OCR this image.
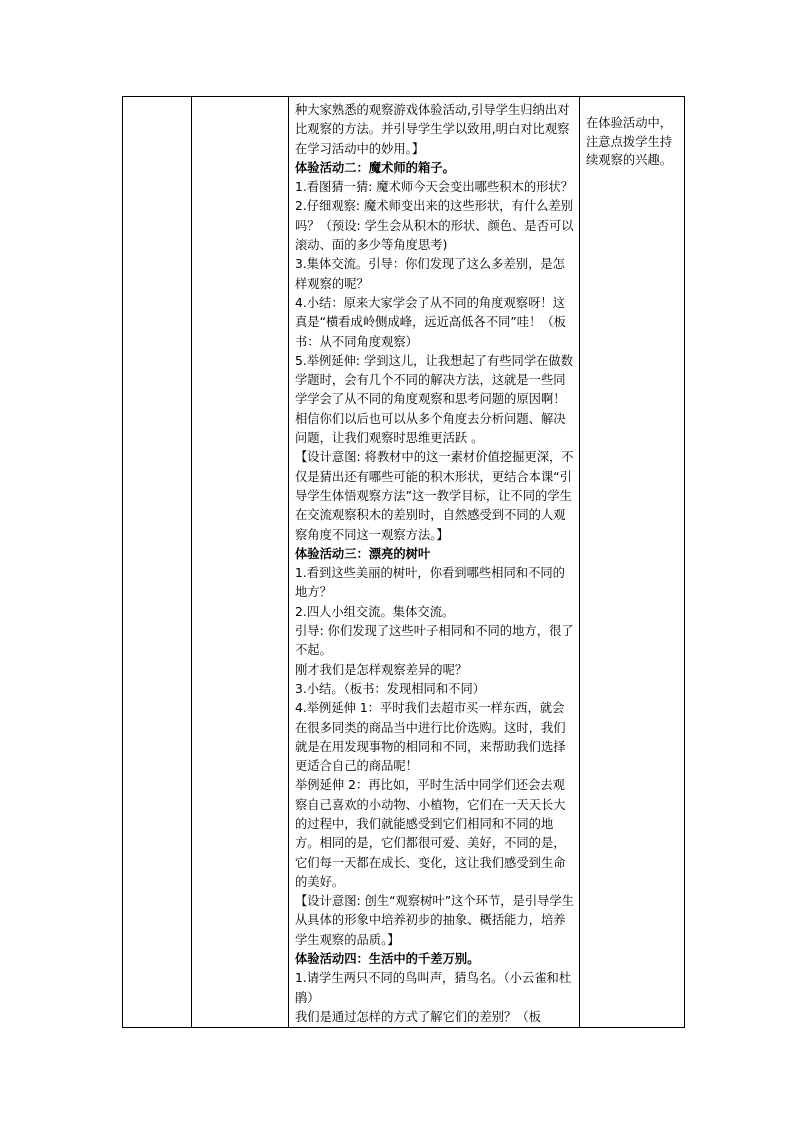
种大家熟悉的观察游戏体验活动,引导学生归纳出对比观察的方法。并引导学生学以致用,明白对比观察在学习活动中的妙用。】

体验活动二：魔术师的箱子。

1.看图猜一猜: 魔术师今天会变出哪些积木的形状？

2.仔细观察: 魔术师变出来的这些形状，有什么差别吗？（预设: 学生会从积木的形状、颜色、是否可以滚动、面的多少等角度思考)

3.集体交流。引导：你们发现了这么多差别，是怎样观察的呢？

4.小结：原来大家学会了从不同的角度观察呀！这真是“横看成岭侧成峰，远近高低各不同”哇！（板书：从不同角度观察）

5.举例延伸: 学到这儿，让我想起了有些同学在做数学题时，会有几个不同的解决方法，这就是一些同学学会了从不同的角度观察和思考问题的原因啊！相信你们以后也可以从多个角度去分析问题、解决问题，让我们观察时思维更活跃 。

【设计意图: 将教材中的这一素材价值挖掘更深，不仅是猜出还有哪些可能的积木形状，更结合本课“引导学生体悟观察方法”这一教学目标，让不同的学生在交流观察积木的差别时，自然感受到不同的人观察角度不同这一观察方法。】

体验活动三：漂亮的树叶

1.看到这些美丽的树叶，你看到哪些相同和不同的地方？

2.四人小组交流。集体交流。

引导: 你们发现了这些叶子相同和不同的地方，很了不起。

刚才我们是怎样观察差异的呢？

3.小结。（板书：发现相同和不同）

4.举例延伸 1：平时我们去超市买一样东西，就会在很多同类的商品当中进行比价选购。这时，我们就是在用发现事物的相同和不同，来帮助我们选择更适合自己的商品呢！

举例延伸 2：再比如，平时生活中同学们还会去观察自己喜欢的小动物、小植物，它们在一天天长大的过程中，我们就能感受到它们相同和不同的地方。相同的是，它们都很可爱、美好，不同的是，它们每一天都在成长、变化，这让我们感受到生命的美好。

【设计意图: 创生“观察树叶”这个环节，是引导学生从具体的形象中培养初步的抽象、概括能力，培养学生观察的品质。】

体验活动四：生活中的千差万别。

1.请学生两只不同的鸟叫声，猜鸟名。（小云雀和杜鹃）

我们是通过怎样的方式了解它们的差别？（板

在体验活动中，注意点拨学生持续观察的兴趣。
